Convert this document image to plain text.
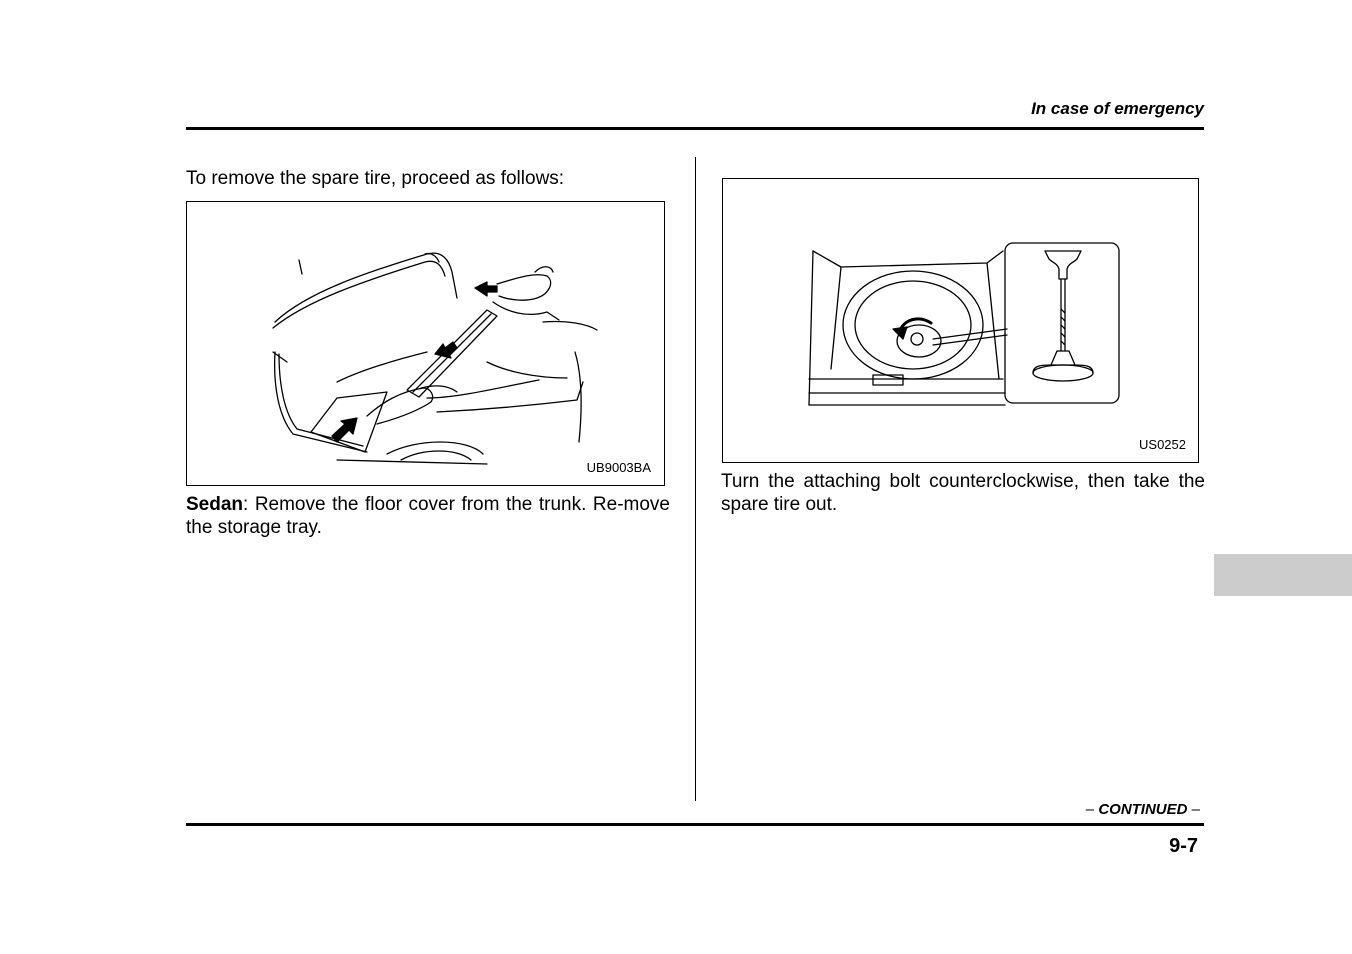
In case of emergency
To remove the spare tire, proceed as follows:
UB9003BA
Sedan: Remove the floor cover from the trunk. Re-move the storage tray.
US0252
Turn the attaching bolt counterclockwise, then take the spare tire out.
– CONTINUED –
9-7
